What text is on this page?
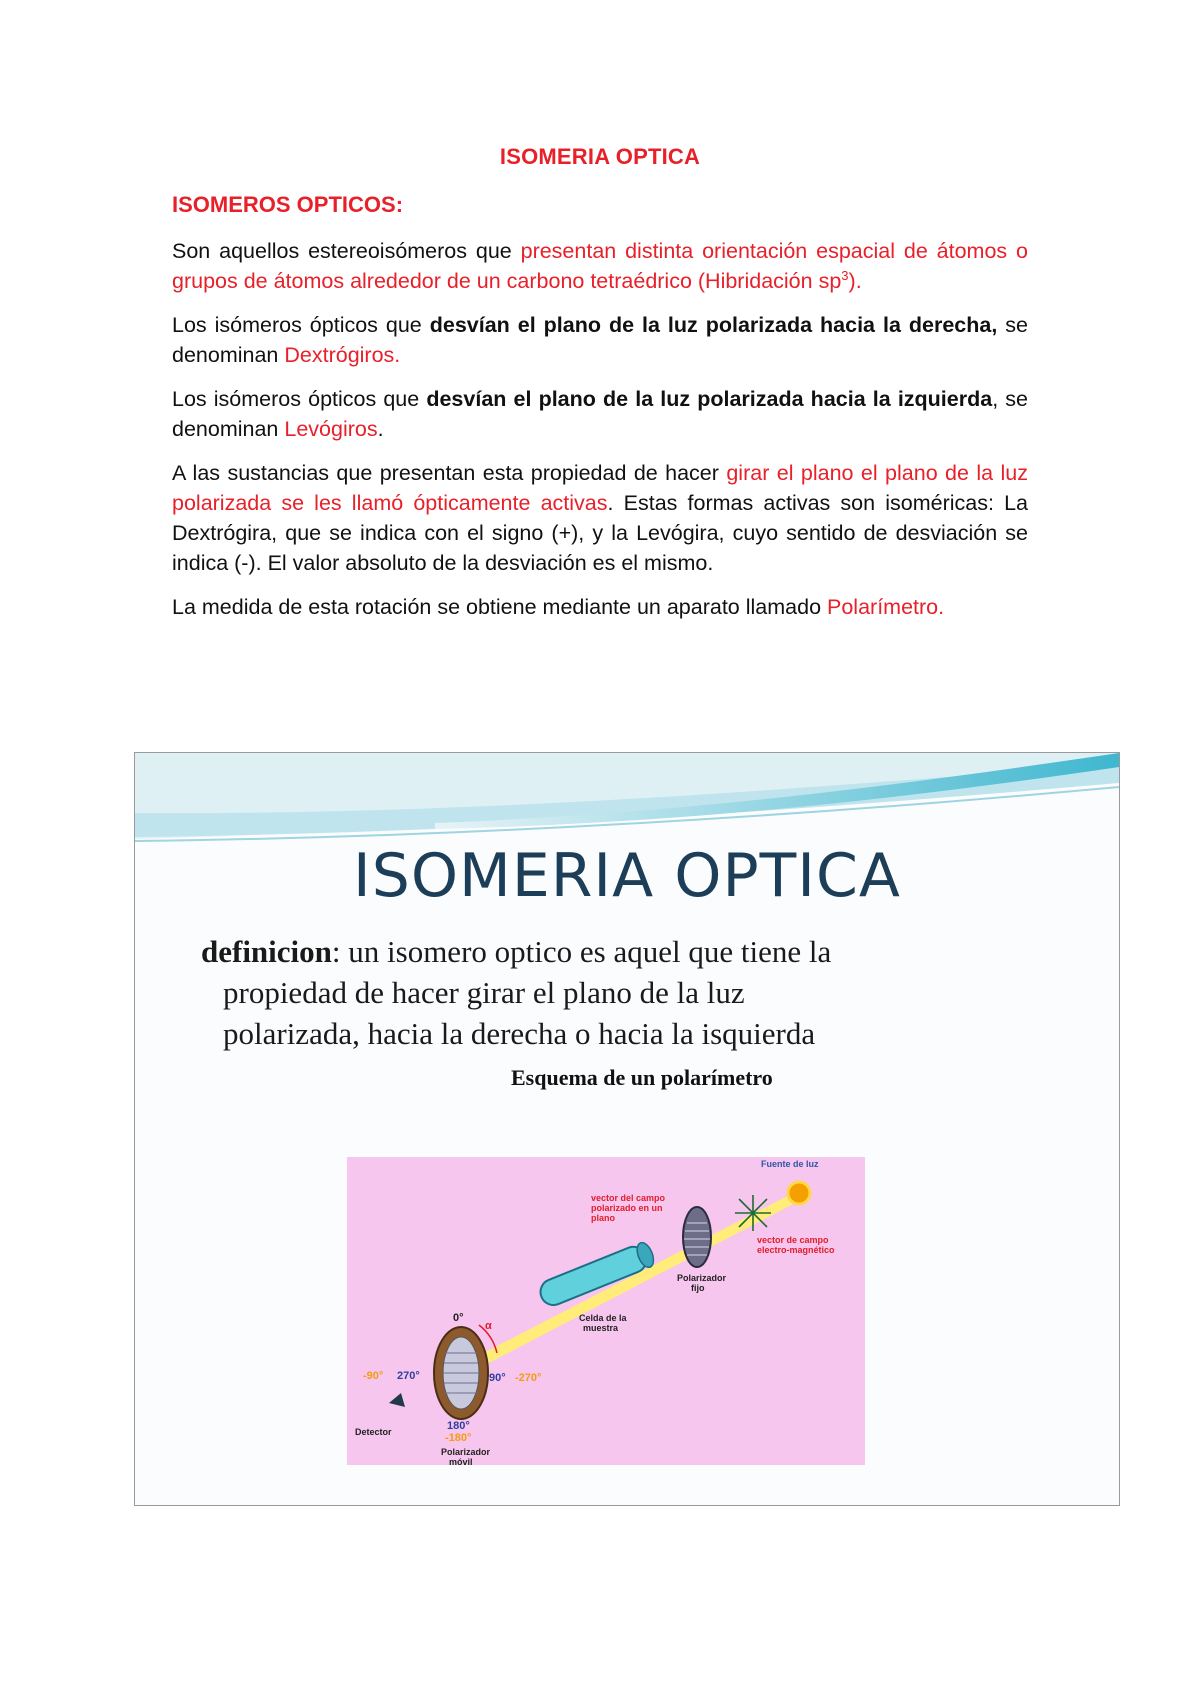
ISOMERIA OPTICA
ISOMEROS OPTICOS:

Son aquellos estereoisómeros que presentan distinta orientación espacial de átomos o grupos de átomos alrededor de un carbono tetraédrico (Hibridación $sp^3$).

Los isómeros ópticos que desvían el plano de la luz polarizada hacia la derecha, se denominan Dextrógiros.

Los isómeros ópticos que desvían el plano de la luz polarizada hacia la izquierda, se denominan Levógiros.

A las sustancias que presentan esta propiedad de hacer girar el plano el plano de la luz polarizada se les llamó ópticamente activas. Estas formas activas son isoméricas: La Dextrógira, que se indica con el signo (+), y la Levógira, cuyo sentido de desviación se indica (-). El valor absoluto de la desviación es el mismo.

La medida de esta rotación se obtiene mediante un aparato llamado Polarímetro.

ISOMERIA OPTICA
definicion: un isomero optico es aquel que tiene la
propiedad de hacer girar el plano de la luz
polarizada, hacia la derecha o hacia la isquierda
Esquema de un polarímetro
Fuente de luz
vector de campo
electro-magnético
Polarizador
fijo
vector del campo
polarizado en un
plano
Celda de la
muestra
0°
α
-90° 270°	90° -270°
180°
-180°
Polarizador
móvil
Detector
